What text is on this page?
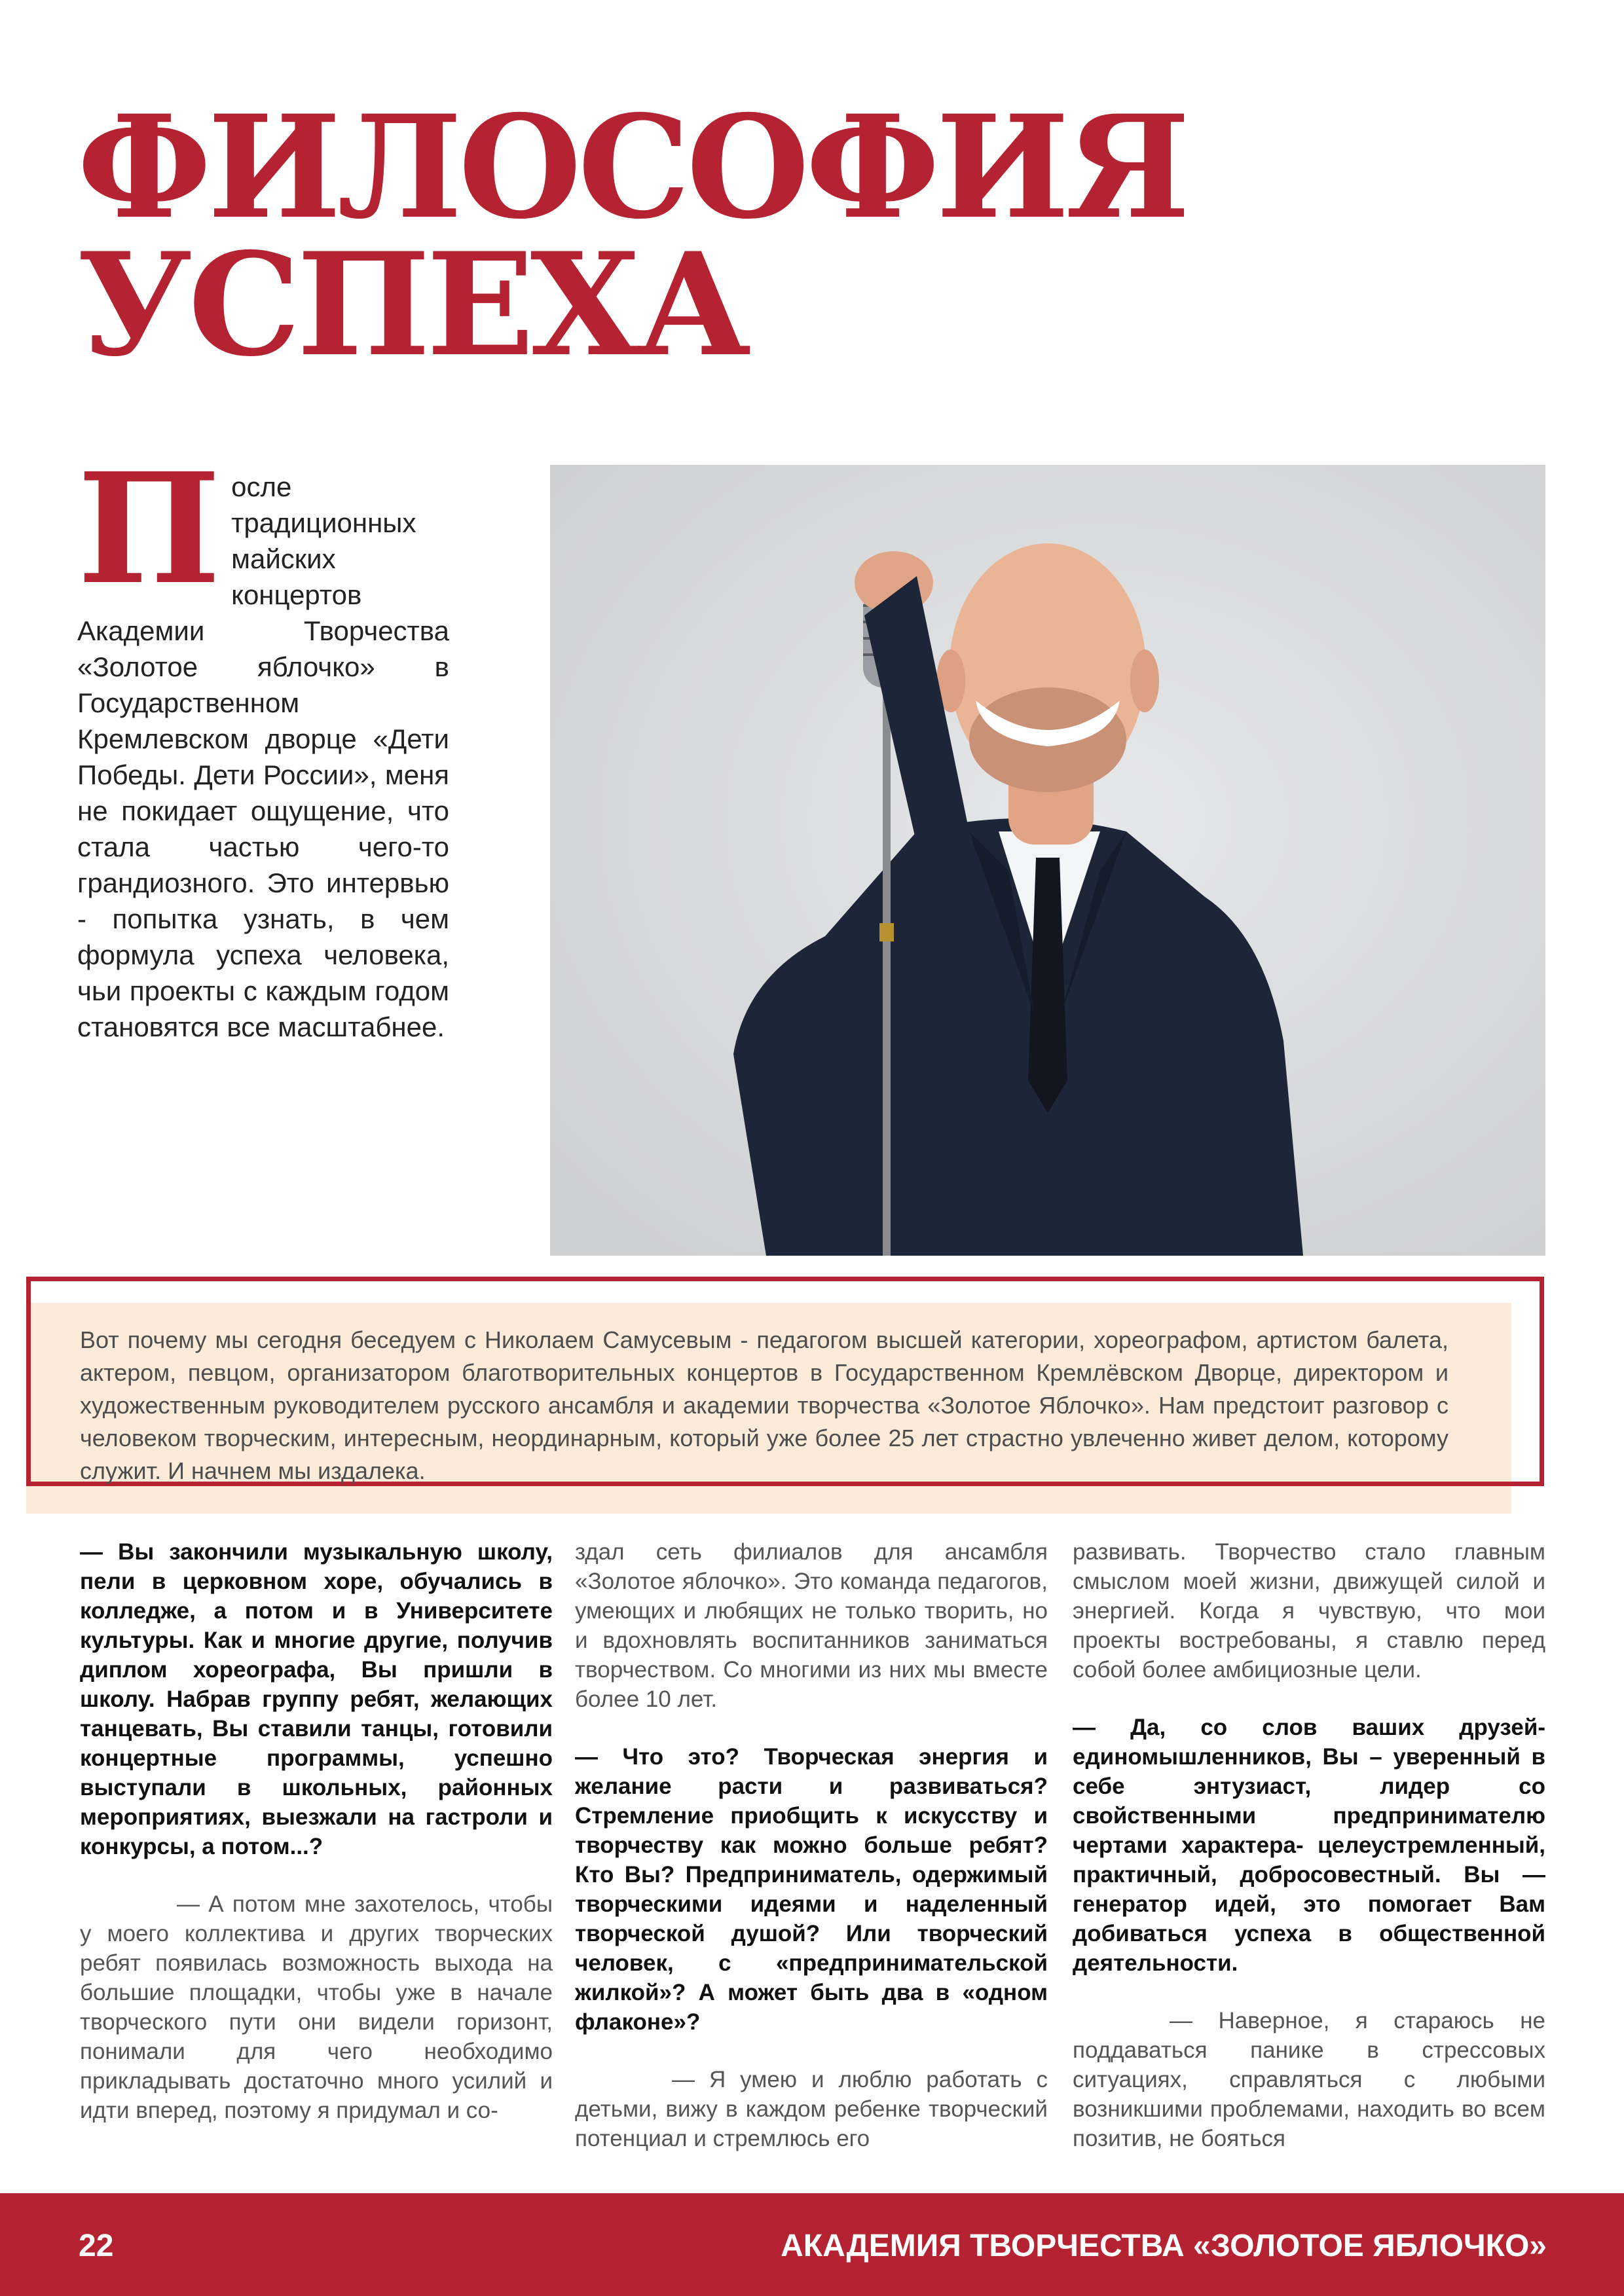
ФИЛОСОФИЯ
УСПЕХА

После традиционных майских концертов Академии Творчества «Золотое яблочко» в Государственном Кремлевском дворце «Дети Победы. Дети России», меня не покидает ощущение, что стала частью чего-то грандиозного. Это интервью - попытка узнать, в чем формула успеха человека, чьи проекты с каждым годом становятся все масштабнее.

Вот почему мы сегодня беседуем с Николаем Самусевым - педагогом высшей категории, хореографом, артистом балета, актером, певцом, организатором благотворительных концертов в Государственном Кремлёвском Дворце, директором и художественным руководителем русского ансамбля и академии творчества «Золотое Яблочко». Нам предстоит разговор с человеком творческим, интересным, неординарным, который уже более 25 лет страстно увлеченно живет делом, которому служит. И начнем мы издалека.

— Вы закончили музыкальную школу, пели в церковном хоре, обучались в колледже, а потом и в Университете культуры. Как и многие другие, получив диплом хореографа, Вы пришли в школу. Набрав группу ребят, желающих танцевать, Вы ставили танцы, готовили концертные программы, успешно выступали в школьных, районных мероприятиях, выезжали на гастроли и конкурсы, а потом...?

— А потом мне захотелось, чтобы у моего коллектива и других творческих ребят появилась возможность выхода на большие площадки, чтобы уже в начале творческого пути они видели горизонт, понимали для чего необходимо прикладывать достаточно много усилий и идти вперед, поэтому я придумал и со-

здал сеть филиалов для ансамбля «Золотое яблочко». Это команда педагогов, умеющих и любящих не только творить, но и вдохновлять воспитанников заниматься творчеством. Со многими из них мы вместе более 10 лет.

— Что это? Творческая энергия и желание расти и развиваться? Стремление приобщить к искусству и творчеству как можно больше ребят? Кто Вы? Предприниматель, одержимый творческими идеями и наделенный творческой душой? Или творческий человек, с «предпринимательской жилкой»? А может быть два в «одном флаконе»?

— Я умею и люблю работать с детьми, вижу в каждом ребенке творческий потенциал и стремлюсь его

развивать. Творчество стало главным смыслом моей жизни, движущей силой и энергией. Когда я чувствую, что мои проекты востребованы, я ставлю перед собой более амбициозные цели.

— Да, со слов ваших друзей-единомышленников, Вы – уверенный в себе энтузиаст, лидер со свойственными предпринимателю чертами характера- целеустремленный, практичный, добросовестный. Вы — генератор идей, это помогает Вам добиваться успеха в общественной деятельности.

— Наверное, я стараюсь не поддаваться панике в стрессовых ситуациях, справляться с любыми возникшими проблемами, находить во всем позитив, не бояться

22	АКАДЕМИЯ ТВОРЧЕСТВА «ЗОЛОТОЕ ЯБЛОЧКО»
